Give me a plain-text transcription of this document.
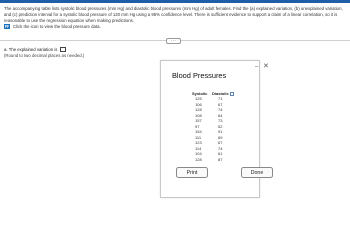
The accompanying table lists systolic blood pressures (mm Hg) and diastolic blood pressures (mm Hg) of adult females. Find the (a) explained variation, (b) unexplained variation, and (c) prediction interval for a systolic blood pressure of 120 mm Hg using a 95% confidence level. There is sufficient evidence to support a claim of a linear correlation, so it is reasonable to use the regression equation when making predictions.
Click the icon to view the blood pressure data.
···
a. The explained variation is
(Round to two decimal places as needed.)
– ✕
Blood Pressures
Systolic	Diastolic
125	71
106	67
128	74
108	64
157	73
97	52
154	91
111	69
123	67
114	74
104	61
128	87
Print	Done
